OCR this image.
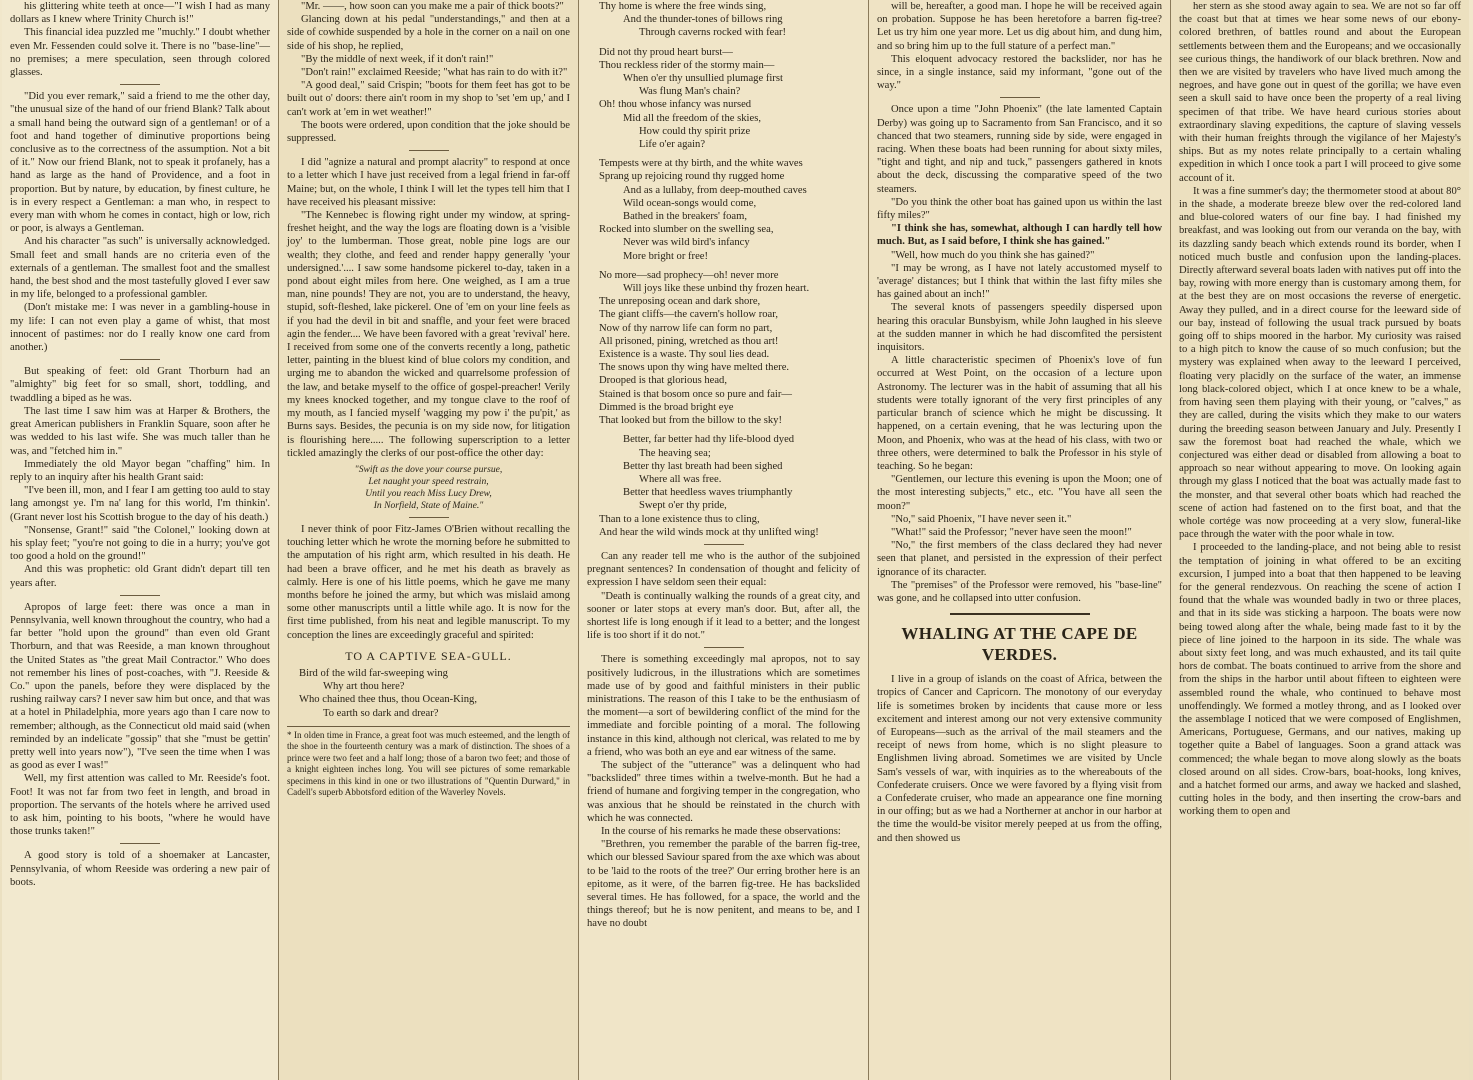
his glittering white teeth at once—"I wish I had as many dollars as I knew where Trinity Church is!"

This financial idea puzzled me "muchly." I doubt whether even Mr. Fessenden could solve it. There is no "base-line"—no premises; a mere speculation, seen through colored glasses.

"Did you ever remark," said a friend to me the other day, "the unusual size of the hand of our friend Blank? Talk about a small hand being the outward sign of a gentleman! or of a foot and hand together of diminutive proportions being conclusive as to the correctness of the assumption. Not a bit of it." Now our friend Blank, not to speak it profanely, has a hand as large as the hand of Providence, and a foot in proportion. But by nature, by education, by finest culture, he is in every respect a Gentleman: a man who, in respect to every man with whom he comes in contact, high or low, rich or poor, is always a Gentleman.

And his character "as such" is universally acknowledged. Small feet and small hands are no criteria even of the externals of a gentleman. The smallest foot and the smallest hand, the best shod and the most tastefully gloved I ever saw in my life, belonged to a professional gambler.

(Don't mistake me: I was never in a gambling-house in my life: I can not even play a game of whist, that most innocent of pastimes: nor do I really know one card from another.)

But speaking of feet: old Grant Thorburn had an "almighty" big feet for so small, short, toddling, and twaddling a biped as he was.

The last time I saw him was at Harper & Brothers, the great American publishers in Franklin Square, soon after he was wedded to his last wife. She was much taller than he was, and "fetched him in."

Immediately the old Mayor began "chaffing" him. In reply to an inquiry after his health Grant said:

"I've been ill, mon, and I fear I am getting too auld to stay lang amongst ye. I'm na' lang for this world, I'm thinkin'. (Grant never lost his Scottish brogue to the day of his death.)

"Nonsense, Grant!" said "the Colonel," looking down at his splay feet; "you're not going to die in a hurry; you've got too good a hold on the ground!"

And this was prophetic: old Grant didn't depart till ten years after.

Apropos of large feet: there was once a man in Pennsylvania, well known throughout the country, who had a far better "hold upon the ground" than even old Grant Thorburn, and that was Reeside, a man known throughout the United States as "the great Mail Contractor." Who does not remember his lines of post-coaches, with "J. Reeside & Co." upon the panels, before they were displaced by the rushing railway cars? I never saw him but once, and that was at a hotel in Philadelphia, more years ago than I care now to remember; although, as the Connecticut old maid said (when reminded by an indelicate "gossip" that she "must be gettin' pretty well into years now"), "I've seen the time when I was as good as ever I was!"

Well, my first attention was called to Mr. Reeside's foot. Foot! It was not far from two feet in length, and broad in proportion. The servants of the hotels where he arrived used to ask him, pointing to his boots, "where he would have those trunks taken!"

A good story is told of a shoemaker at Lancaster, Pennsylvania, of whom Reeside was ordering a new pair of boots.

"Mr. ——, how soon can you make me a pair of thick boots?"

Glancing down at his pedal "understandings," and then at a side of cowhide suspended by a hole in the corner on a nail on one side of his shop, he replied,

"By the middle of next week, if it don't rain!"

"Don't rain!" exclaimed Reeside; "what has rain to do with it?"

"A good deal," said Crispin; "boots for them feet has got to be built out o' doors: there ain't room in my shop to 'set 'em up,' and I can't work at 'em in wet weather!"

The boots were ordered, upon condition that the joke should be suppressed.

I did "agnize a natural and prompt alacrity" to respond at once to a letter which I have just received from a legal friend in far-off Maine; but, on the whole, I think I will let the types tell him that I have received his pleasant missive:

"The Kennebec is flowing right under my window, at spring-freshet height, and the way the logs are floating down is a 'visible joy' to the lumberman. Those great, noble pine logs are our wealth; they clothe, and feed and render happy generally 'your undersigned.'.... I saw some handsome pickerel to-day, taken in a pond about eight miles from here. One weighed, as I am a true man, nine pounds! They are not, you are to understand, the heavy, stupid, soft-fleshed, lake pickerel. One of 'em on your line feels as if you had the devil in bit and snaffle, and your feet were braced agin the fender.... We have been favored with a great 'revival' here. I received from some one of the converts recently a long, pathetic letter, painting in the bluest kind of blue colors my condition, and urging me to abandon the wicked and quarrelsome profession of the law, and betake myself to the office of gospel-preacher! Verily my knees knocked together, and my tongue clave to the roof of my mouth, as I fancied myself 'wagging my pow i' the pu'pit,' as Burns says. Besides, the pecunia is on my side now, for litigation is flourishing here..... The following superscription to a letter tickled amazingly the clerks of our post-office the other day:

"Swift as the dove your course pursue,
Let naught your speed restrain,
Until you reach Miss Lucy Drew,
In Norfield, State of Maine."

I never think of poor Fitz-James O'Brien without recalling the touching letter which he wrote the morning before he submitted to the amputation of his right arm, which resulted in his death. He had been a brave officer, and he met his death as bravely as calmly. Here is one of his little poems, which he gave me many months before he joined the army, but which was mislaid among some other manuscripts until a little while ago. It is now for the first time published, from his neat and legible manuscript. To my conception the lines are exceedingly graceful and spirited:

TO A CAPTIVE SEA-GULL.
Bird of the wild far-sweeping wing
Why art thou here?
Who chained thee thus, thou Ocean-King,
To earth so dark and drear?
* In olden time in France, a great foot was much esteemed, and the length of the shoe in the fourteenth century was a mark of distinction. The shoes of a prince were two feet and a half long; those of a baron two feet; and those of a knight eighteen inches long. You will see pictures of some remarkable specimens in this kind in one or two illustrations of "Quentin Durward," in Cadell's superb Abbotsford edition of the Waverley Novels.
Thy home is where the free winds sing,
And the thunder-tones of billows ring
Through caverns rocked with fear!
Did not thy proud heart burst—
Thou reckless rider of the stormy main—
When o'er thy unsullied plumage first
Was flung Man's chain?
Oh! thou whose infancy was nursed
Mid all the freedom of the skies,
How could thy spirit prize
Life o'er again?
Tempests were at thy birth, and the white waves
Sprang up rejoicing round thy rugged home
And as a lullaby, from deep-mouthed caves
Wild ocean-songs would come,
Bathed in the breakers' foam,
Rocked into slumber on the swelling sea,
Never was wild bird's infancy
More bright or free!
No more—sad prophecy—oh! never more
Will joys like these unbind thy frozen heart.
The unreposing ocean and dark shore,
The giant cliffs—the cavern's hollow roar,
Now of thy narrow life can form no part,
All prisoned, pining, wretched as thou art!
Existence is a waste. Thy soul lies dead.
The snows upon thy wing have melted there.
Drooped is that glorious head,
Stained is that bosom once so pure and fair—
Dimmed is the broad bright eye
That looked but from the billow to the sky!
Better, far better had thy life-blood dyed
The heaving sea;
Better thy last breath had been sighed
Where all was free.
Better that heedless waves triumphantly
Swept o'er thy pride,
Than to a lone existence thus to cling,
And hear the wild winds mock at thy unlifted wing!

Can any reader tell me who is the author of the subjoined pregnant sentences? In condensation of thought and felicity of expression I have seldom seen their equal:

"Death is continually walking the rounds of a great city, and sooner or later stops at every man's door. But, after all, the shortest life is long enough if it lead to a better; and the longest life is too short if it do not."

There is something exceedingly mal apropos, not to say positively ludicrous, in the illustrations which are sometimes made use of by good and faithful ministers in their public ministrations. The reason of this I take to be the enthusiasm of the moment—a sort of bewildering conflict of the mind for the immediate and forcible pointing of a moral. The following instance in this kind, although not clerical, was related to me by a friend, who was both an eye and ear witness of the same.

The subject of the "utterance" was a delinquent who had "backslided" three times within a twelve-month. But he had a friend of humane and forgiving temper in the congregation, who was anxious that he should be reinstated in the church with which he was connected.

In the course of his remarks he made these observations:

"Brethren, you remember the parable of the barren fig-tree, which our blessed Saviour spared from the axe which was about to be 'laid to the roots of the tree?' Our erring brother here is an epitome, as it were, of the barren fig-tree. He has backslided several times. He has followed, for a space, the world and the things thereof; but he is now penitent, and means to be, and I have no doubt

will be, hereafter, a good man. I hope he will be received again on probation. Suppose he has been heretofore a barren fig-tree? Let us try him one year more. Let us dig about him, and dung him, and so bring him up to the full stature of a perfect man."

This eloquent advocacy restored the backslider, nor has he since, in a single instance, said my informant, "gone out of the way."

Once upon a time "John Phoenix" (the late lamented Captain Derby) was going up to Sacramento from San Francisco, and it so chanced that two steamers, running side by side, were engaged in racing. When these boats had been running for about sixty miles, "tight and tight, and nip and tuck," passengers gathered in knots about the deck, discussing the comparative speed of the two steamers.

"Do you think the other boat has gained upon us within the last fifty miles?"

"I think she has, somewhat, although I can hardly tell how much. But, as I said before, I think she has gained."

"Well, how much do you think she has gained?"

"I may be wrong, as I have not lately accustomed myself to 'average' distances; but I think that within the last fifty miles she has gained about an inch!"

The several knots of passengers speedily dispersed upon hearing this oracular Bunsbyism, while John laughed in his sleeve at the sudden manner in which he had discomfited the persistent inquisitors.

A little characteristic specimen of Phoenix's love of fun occurred at West Point, on the occasion of a lecture upon Astronomy. The lecturer was in the habit of assuming that all his students were totally ignorant of the very first principles of any particular branch of science which he might be discussing. It happened, on a certain evening, that he was lecturing upon the Moon, and Phoenix, who was at the head of his class, with two or three others, were determined to balk the Professor in his style of teaching. So he began:

"Gentlemen, our lecture this evening is upon the Moon; one of the most interesting subjects," etc., etc. "You have all seen the moon?"

"No," said Phoenix, "I have never seen it."

"What!" said the Professor; "never have seen the moon!"

"No," the first members of the class declared they had never seen that planet, and persisted in the expression of their perfect ignorance of its character.

The "premises" of the Professor were removed, his "base-line" was gone, and he collapsed into utter confusion.

WHALING AT THE CAPE DE VERDES.

I live in a group of islands on the coast of Africa, between the tropics of Cancer and Capricorn. The monotony of our everyday life is sometimes broken by incidents that cause more or less excitement and interest among our not very extensive community of Europeans—such as the arrival of the mail steamers and the receipt of news from home, which is no slight pleasure to Englishmen living abroad. Sometimes we are visited by Uncle Sam's vessels of war, with inquiries as to the whereabouts of the Confederate cruisers. Once we were favored by a flying visit from a Confederate cruiser, who made an appearance one fine morning in our offing; but as we had a Northerner at anchor in our harbor at the time the would-be visitor merely peeped at us from the offing, and then showed us

her stern as she stood away again to sea. We are not so far off the coast but that at times we hear some news of our ebony-colored brethren, of battles round and about the European settlements between them and the Europeans; and we occasionally see curious things, the handiwork of our black brethren. Now and then we are visited by travelers who have lived much among the negroes, and have gone out in quest of the gorilla; we have even seen a skull said to have once been the property of a real living specimen of that tribe. We have heard curious stories about extraordinary slaving expeditions, the capture of slaving vessels with their human freights through the vigilance of her Majesty's ships. But as my notes relate principally to a certain whaling expedition in which I once took a part I will proceed to give some account of it.

It was a fine summer's day; the thermometer stood at about 80° in the shade, a moderate breeze blew over the red-colored land and blue-colored waters of our fine bay. I had finished my breakfast, and was looking out from our veranda on the bay, with its dazzling sandy beach which extends round its border, when I noticed much bustle and confusion upon the landing-places. Directly afterward several boats laden with natives put off into the bay, rowing with more energy than is customary among them, for at the best they are on most occasions the reverse of energetic. Away they pulled, and in a direct course for the leeward side of our bay, instead of following the usual track pursued by boats going off to ships moored in the harbor. My curiosity was raised to a high pitch to know the cause of so much confusion; but the mystery was explained when away to the leeward I perceived, floating very placidly on the surface of the water, an immense long black-colored object, which I at once knew to be a whale, from having seen them playing with their young, or "calves," as they are called, during the visits which they make to our waters during the breeding season between January and July. Presently I saw the foremost boat had reached the whale, which we conjectured was either dead or disabled from allowing a boat to approach so near without appearing to move. On looking again through my glass I noticed that the boat was actually made fast to the monster, and that several other boats which had reached the scene of action had fastened on to the first boat, and that the whole cortége was now proceeding at a very slow, funeral-like pace through the water with the poor whale in tow.

I proceeded to the landing-place, and not being able to resist the temptation of joining in what offered to be an exciting excursion, I jumped into a boat that then happened to be leaving for the general rendezvous. On reaching the scene of action I found that the whale was wounded badly in two or three places, and that in its side was sticking a harpoon. The boats were now being towed along after the whale, being made fast to it by the piece of line joined to the harpoon in its side. The whale was about sixty feet long, and was much exhausted, and its tail quite hors de combat. The boats continued to arrive from the shore and from the ships in the harbor until about fifteen to eighteen were assembled round the whale, who continued to behave most unoffendingly. We formed a motley throng, and as I looked over the assemblage I noticed that we were composed of Englishmen, Americans, Portuguese, Germans, and our natives, making up together quite a Babel of languages. Soon a grand attack was commenced; the whale began to move along slowly as the boats closed around on all sides. Crow-bars, boat-hooks, long knives, and a hatchet formed our arms, and away we hacked and slashed, cutting holes in the body, and then inserting the crow-bars and working them to open and
